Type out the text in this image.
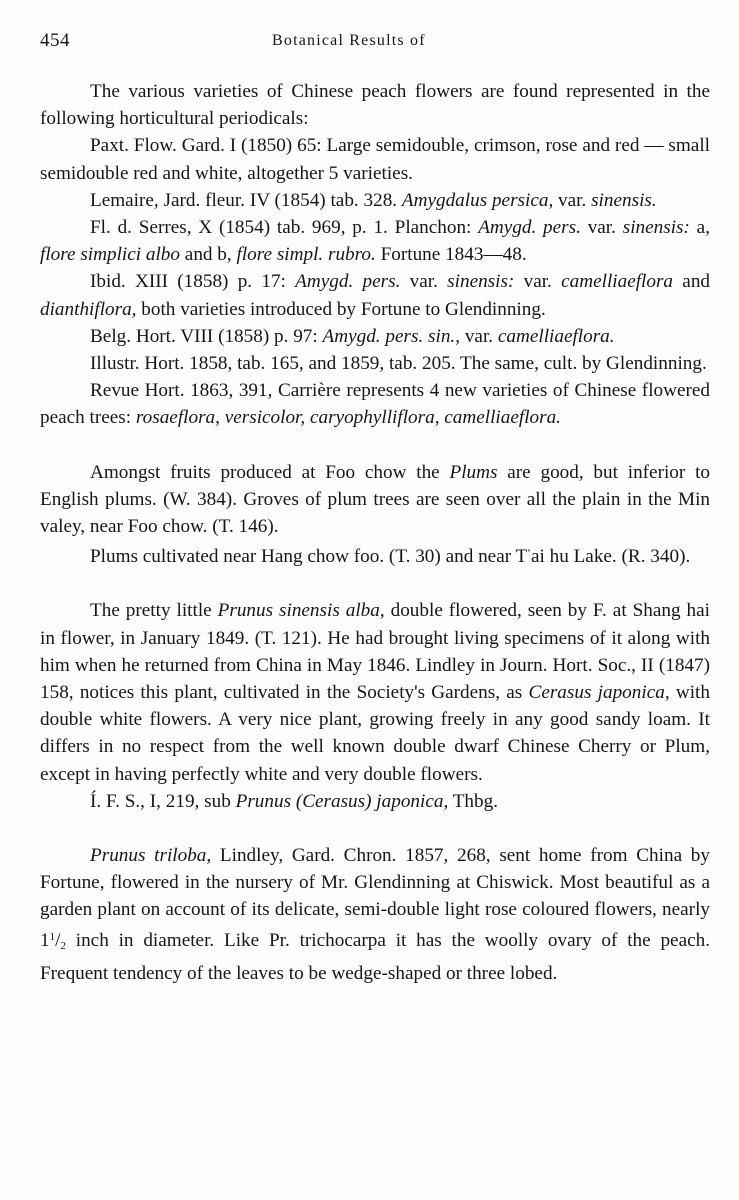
454	Botanical Results of

The various varieties of Chinese peach flowers are found represented in the following horticultural periodicals:

Paxt. Flow. Gard. I (1850) 65: Large semidouble, crimson, rose and red — small semidouble red and white, altogether 5 varieties.

Lemaire, Jard. fleur. IV (1854) tab. 328. Amygdalus persica, var. sinensis.

Fl. d. Serres, X (1854) tab. 969, p. 1. Planchon: Amygd. pers. var. sinensis: a, flore simplici albo and b, flore simpl. rubro. Fortune 1843—48.

Ibid. XIII (1858) p. 17: Amygd. pers. var. sinensis: var. camelliaeflora and dianthiflora, both varieties introduced by Fortune to Glendinning.

Belg. Hort. VIII (1858) p. 97: Amygd. pers. sin., var. camelliaeflora.

Illustr. Hort. 1858, tab. 165, and 1859, tab. 205. The same, cult. by Glendinning.

Revue Hort. 1863, 391, Carrière represents 4 new varieties of Chinese flowered peach trees: rosaeflora, versicolor, caryophylliflora, camelliaeflora.

Amongst fruits produced at Foo chow the Plums are good, but inferior to English plums. (W. 384). Groves of plum trees are seen over all the plain in the Min valey, near Foo chow. (T. 146).

Plums cultivated near Hang chow foo. (T. 30) and near $T^ʻai$ hu Lake. (R. 340).

The pretty little Prunus sinensis alba, double flowered, seen by F. at Shang hai in flower, in January 1849. (T. 121). He had brought living specimens of it along with him when he returned from China in May 1846. Lindley in Journ. Hort. Soc., II (1847) 158, notices this plant, cultivated in the Society's Gardens, as Cerasus japonica, with double white flowers. A very nice plant, growing freely in any good sandy loam. It differs in no respect from the well known double dwarf Chinese Cherry or Plum, except in having perfectly white and very double flowers.

Í. F. S., I, 219, sub Prunus (Cerasus) japonica, Thbg.

Prunus triloba, Lindley, Gard. Chron. 1857, 268, sent home from China by Fortune, flowered in the nursery of Mr. Glendinning at Chiswick. Most beautiful as a garden plant on account of its delicate, semi-double light rose coloured flowers, nearly $1^1/_2$ inch in diameter. Like Pr. trichocarpa it has the woolly ovary of the peach. Frequent tendency of the leaves to be wedge-shaped or three lobed.
